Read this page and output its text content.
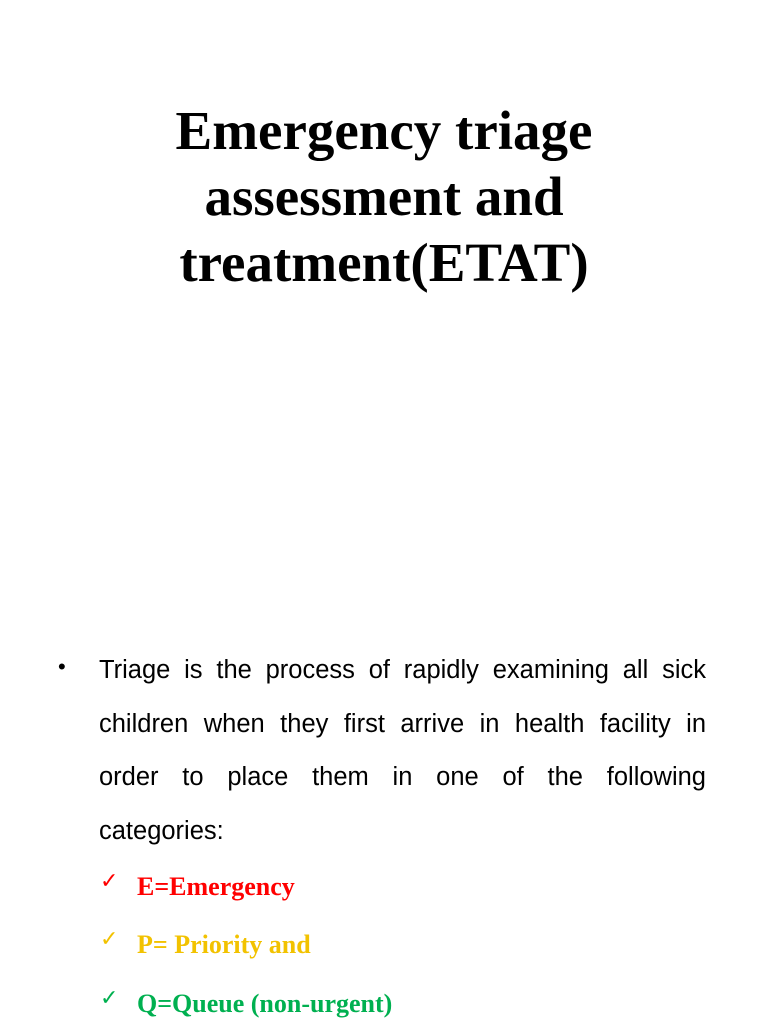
Emergency triage
assessment and
treatment(ETAT)
• Triage is the process of rapidly examining all sick children when they first arrive in health facility in order to place them in one of the following categories:
✓ E=Emergency
✓ P= Priority and
✓ Q=Queue (non-urgent)
